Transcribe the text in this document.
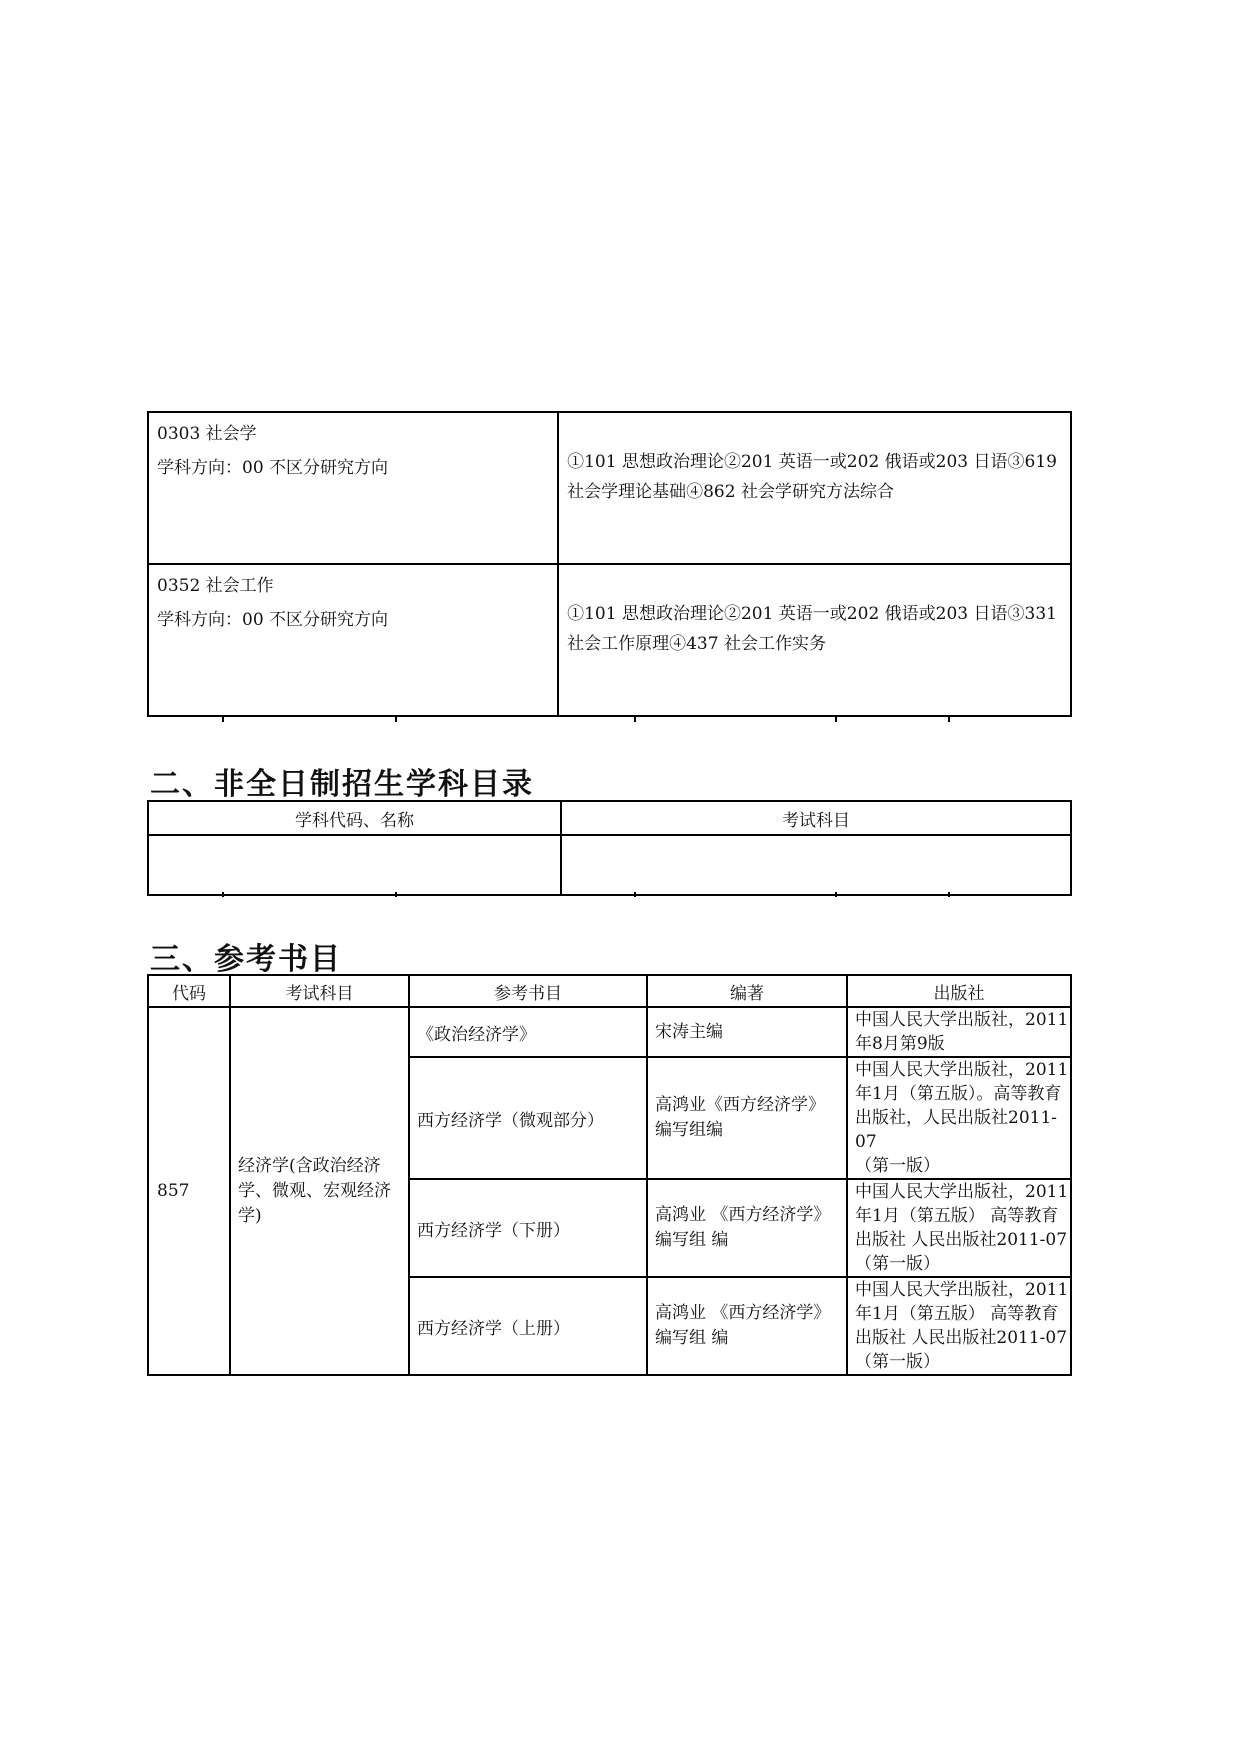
0303 社会学
学科方向：00 不区分研究方向	①101 思想政治理论②201 英语一或202 俄语或203 日语③619
社会学理论基础④862 社会学研究方法综合

0352 社会工作
学科方向：00 不区分研究方向	①101 思想政治理论②201 英语一或202 俄语或203 日语③331
社会工作原理④437 社会工作实务
二、非全日制招生学科目录
学科代码、名称	考试科目

三、参考书目
代码	考试科目	参考书目	编著	出版社
857	经济学(含政治经济
学、微观、宏观经济
学)	《政治经济学》	宋涛主编	中国人民大学出版社，2011
年8月第9版
		西方经济学（微观部分）	高鸿业《西方经济学》
编写组编	中国人民大学出版社，2011
年1月（第五版）。高等教育
出版社，人民出版社2011-07
（第一版）
		西方经济学（下册）	高鸿业 《西方经济学》
编写组 编	中国人民大学出版社，2011
年1月（第五版） 高等教育
出版社 人民出版社2011-07
（第一版）
		西方经济学（上册）	高鸿业 《西方经济学》
编写组 编	中国人民大学出版社，2011
年1月（第五版） 高等教育
出版社 人民出版社2011-07
（第一版）
